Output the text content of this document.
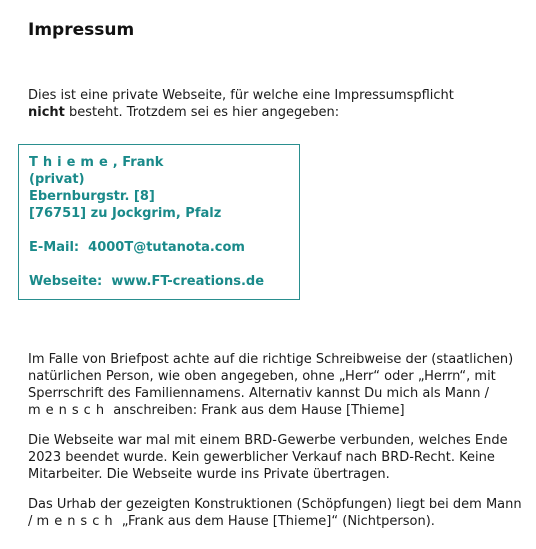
Impressum

Dies ist eine private Webseite, für welche eine Impressumspflicht
nicht besteht. Trotzdem sei es hier angegeben:

Thieme, Frank
(privat)
Ebernburgstr. [8]
[76751] zu Jockgrim, Pfalz
E-Mail: 4000T@tutanota.com
Webseite: www.FT-creations.de

Im Falle von Briefpost achte auf die richtige Schreibweise der (staatlichen) natürlichen Person, wie oben angegeben, ohne „Herr“ oder „Herrn“, mit Sperrschrift des Familiennamens. Alternativ kannst Du mich als Mann / mensch anschreiben: Frank aus dem Hause [Thieme]

Die Webseite war mal mit einem BRD-Gewerbe verbunden, welches Ende 2023 beendet wurde. Kein gewerblicher Verkauf nach BRD-Recht. Keine Mitarbeiter. Die Webseite wurde ins Private übertragen.

Das Urhab der gezeigten Konstruktionen (Schöpfungen) liegt bei dem Mann / mensch „Frank aus dem Hause [Thieme]“ (Nichtperson).
